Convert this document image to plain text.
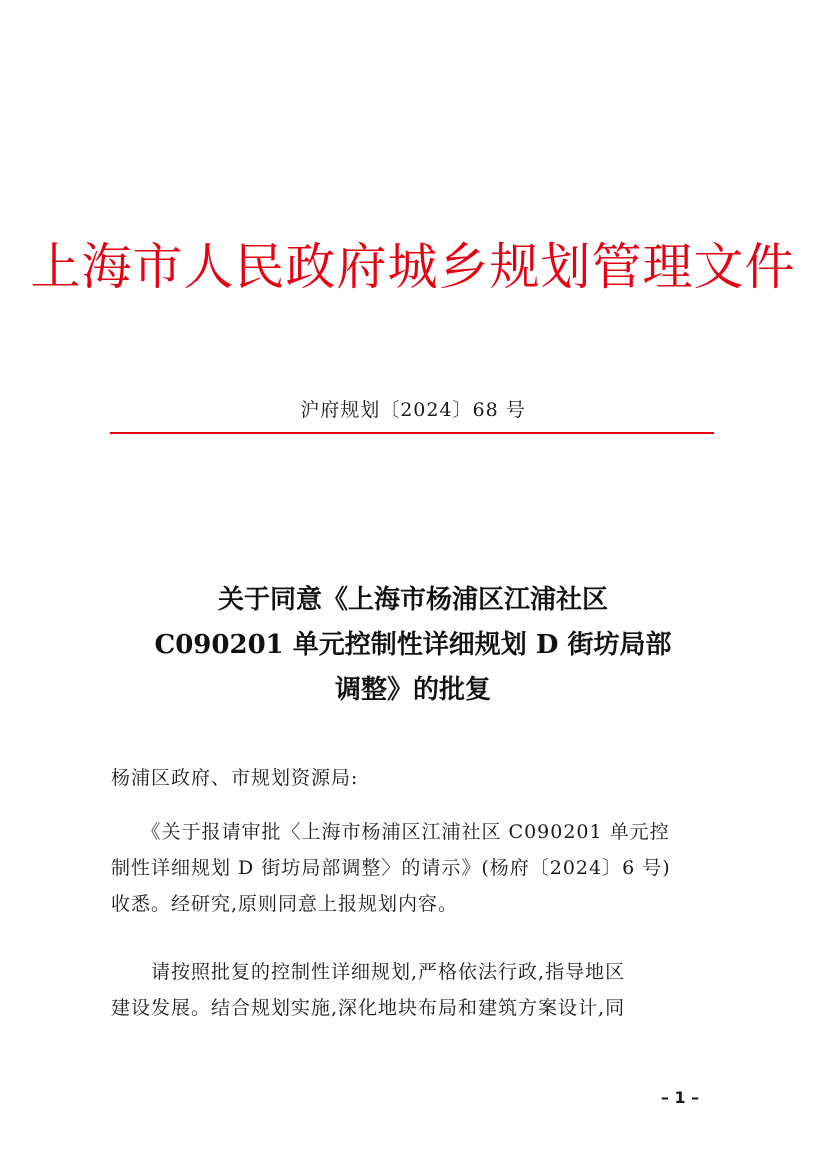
上海市人民政府城乡规划管理文件
沪府规划〔2024〕68 号
关于同意《上海市杨浦区江浦社区
C090201 单元控制性详细规划 D 街坊局部
调整》的批复
杨浦区政府、市规划资源局:
　　《关于报请审批〈上海市杨浦区江浦社区 C090201 单元控
制性详细规划 D 街坊局部调整〉的请示》(杨府〔2024〕6 号)
收悉。经研究,原则同意上报规划内容。
　　请按照批复的控制性详细规划,严格依法行政,指导地区
建设发展。结合规划实施,深化地块布局和建筑方案设计,同
– 1 –
